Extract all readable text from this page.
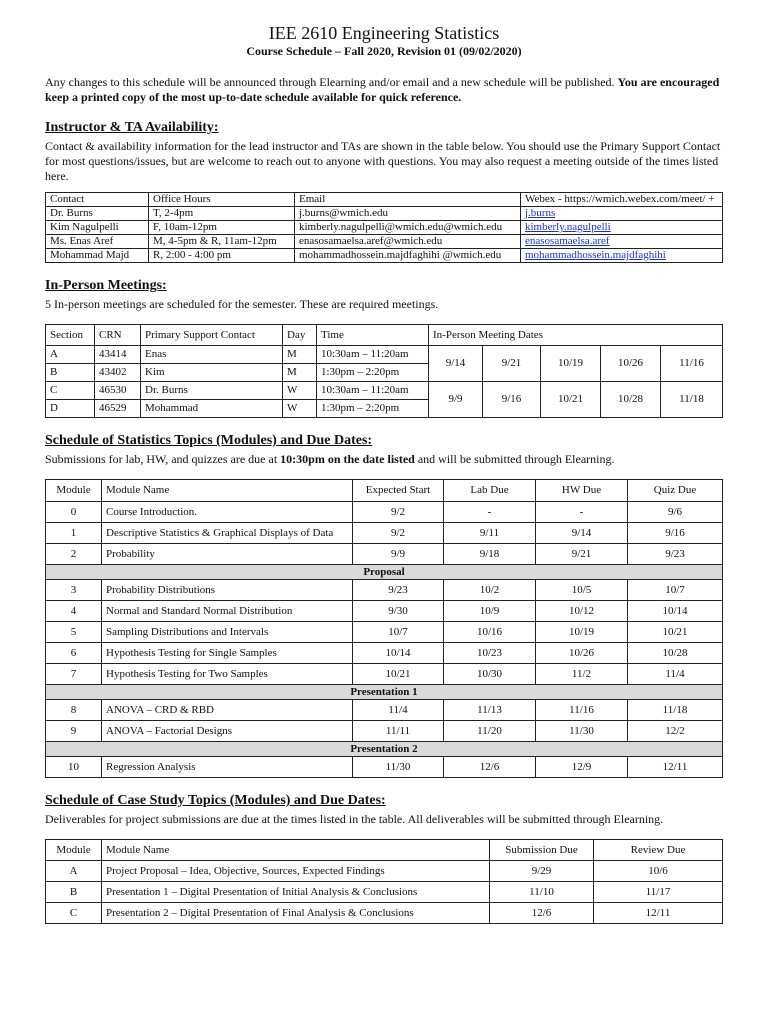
IEE 2610 Engineering Statistics
Course Schedule – Fall 2020, Revision 01 (09/02/2020)

Any changes to this schedule will be announced through Elearning and/or email and a new schedule will be published. You are encouraged keep a printed copy of the most up-to-date schedule available for quick reference.

Instructor & TA Availability:

Contact & availability information for the lead instructor and TAs are shown in the table below. You should use the Primary Support Contact for most questions/issues, but are welcome to reach out to anyone with questions. You may also request a meeting outside of the times listed here.

Contact	Office Hours	Email	Webex - https://wmich.webex.com/meet/ +
Dr. Burns	T, 2-4pm	j.burns@wmich.edu	j.burns
Kim Nagulpelli	F, 10am-12pm	kimberly.nagulpelli@wmich.edu@wmich.edu	kimberly.nagulpelli
Ms. Enas Aref	M, 4-5pm & R, 11am-12pm	enasosamaelsa.aref@wmich.edu	enasosamaelsa.aref
Mohammad Majd	R, 2:00 - 4:00 pm	mohammadhossein.majdfaghihi @wmich.edu	mohammadhossein.majdfaghihi
In-Person Meetings:

5 In-person meetings are scheduled for the semester. These are required meetings.

Section	CRN	Primary Support Contact	Day	Time	In-Person Meeting Dates				
A	43414	Enas	M	10:30am – 11:20am	9/14	9/21	10/19	10/26	11/16
B	43402	Kim	M	1:30pm – 2:20pm					
C	46530	Dr. Burns	W	10:30am – 11:20am	9/9	9/16	10/21	10/28	11/18
D	46529	Mohammad	W	1:30pm – 2:20pm					
Schedule of Statistics Topics (Modules) and Due Dates:

Submissions for lab, HW, and quizzes are due at 10:30pm on the date listed and will be submitted through Elearning.

Module	Module Name	Expected Start	Lab Due	HW Due	Quiz Due
0	Course Introduction.	9/2	-	-	9/6
1	Descriptive Statistics & Graphical Displays of Data	9/2	9/11	9/14	9/16
2	Probability	9/9	9/18	9/21	9/23
Proposal					
3	Probability Distributions	9/23	10/2	10/5	10/7
4	Normal and Standard Normal Distribution	9/30	10/9	10/12	10/14
5	Sampling Distributions and Intervals	10/7	10/16	10/19	10/21
6	Hypothesis Testing for Single Samples	10/14	10/23	10/26	10/28
7	Hypothesis Testing for Two Samples	10/21	10/30	11/2	11/4
Presentation 1					
8	ANOVA – CRD & RBD	11/4	11/13	11/16	11/18
9	ANOVA – Factorial Designs	11/11	11/20	11/30	12/2
Presentation 2					
10	Regression Analysis	11/30	12/6	12/9	12/11
Schedule of Case Study Topics (Modules) and Due Dates:

Deliverables for project submissions are due at the times listed in the table. All deliverables will be submitted through Elearning.

Module	Module Name	Submission Due	Review Due
A	Project Proposal – Idea, Objective, Sources, Expected Findings	9/29	10/6
B	Presentation 1 – Digital Presentation of Initial Analysis & Conclusions	11/10	11/17
C	Presentation 2 – Digital Presentation of Final Analysis & Conclusions	12/6	12/11
